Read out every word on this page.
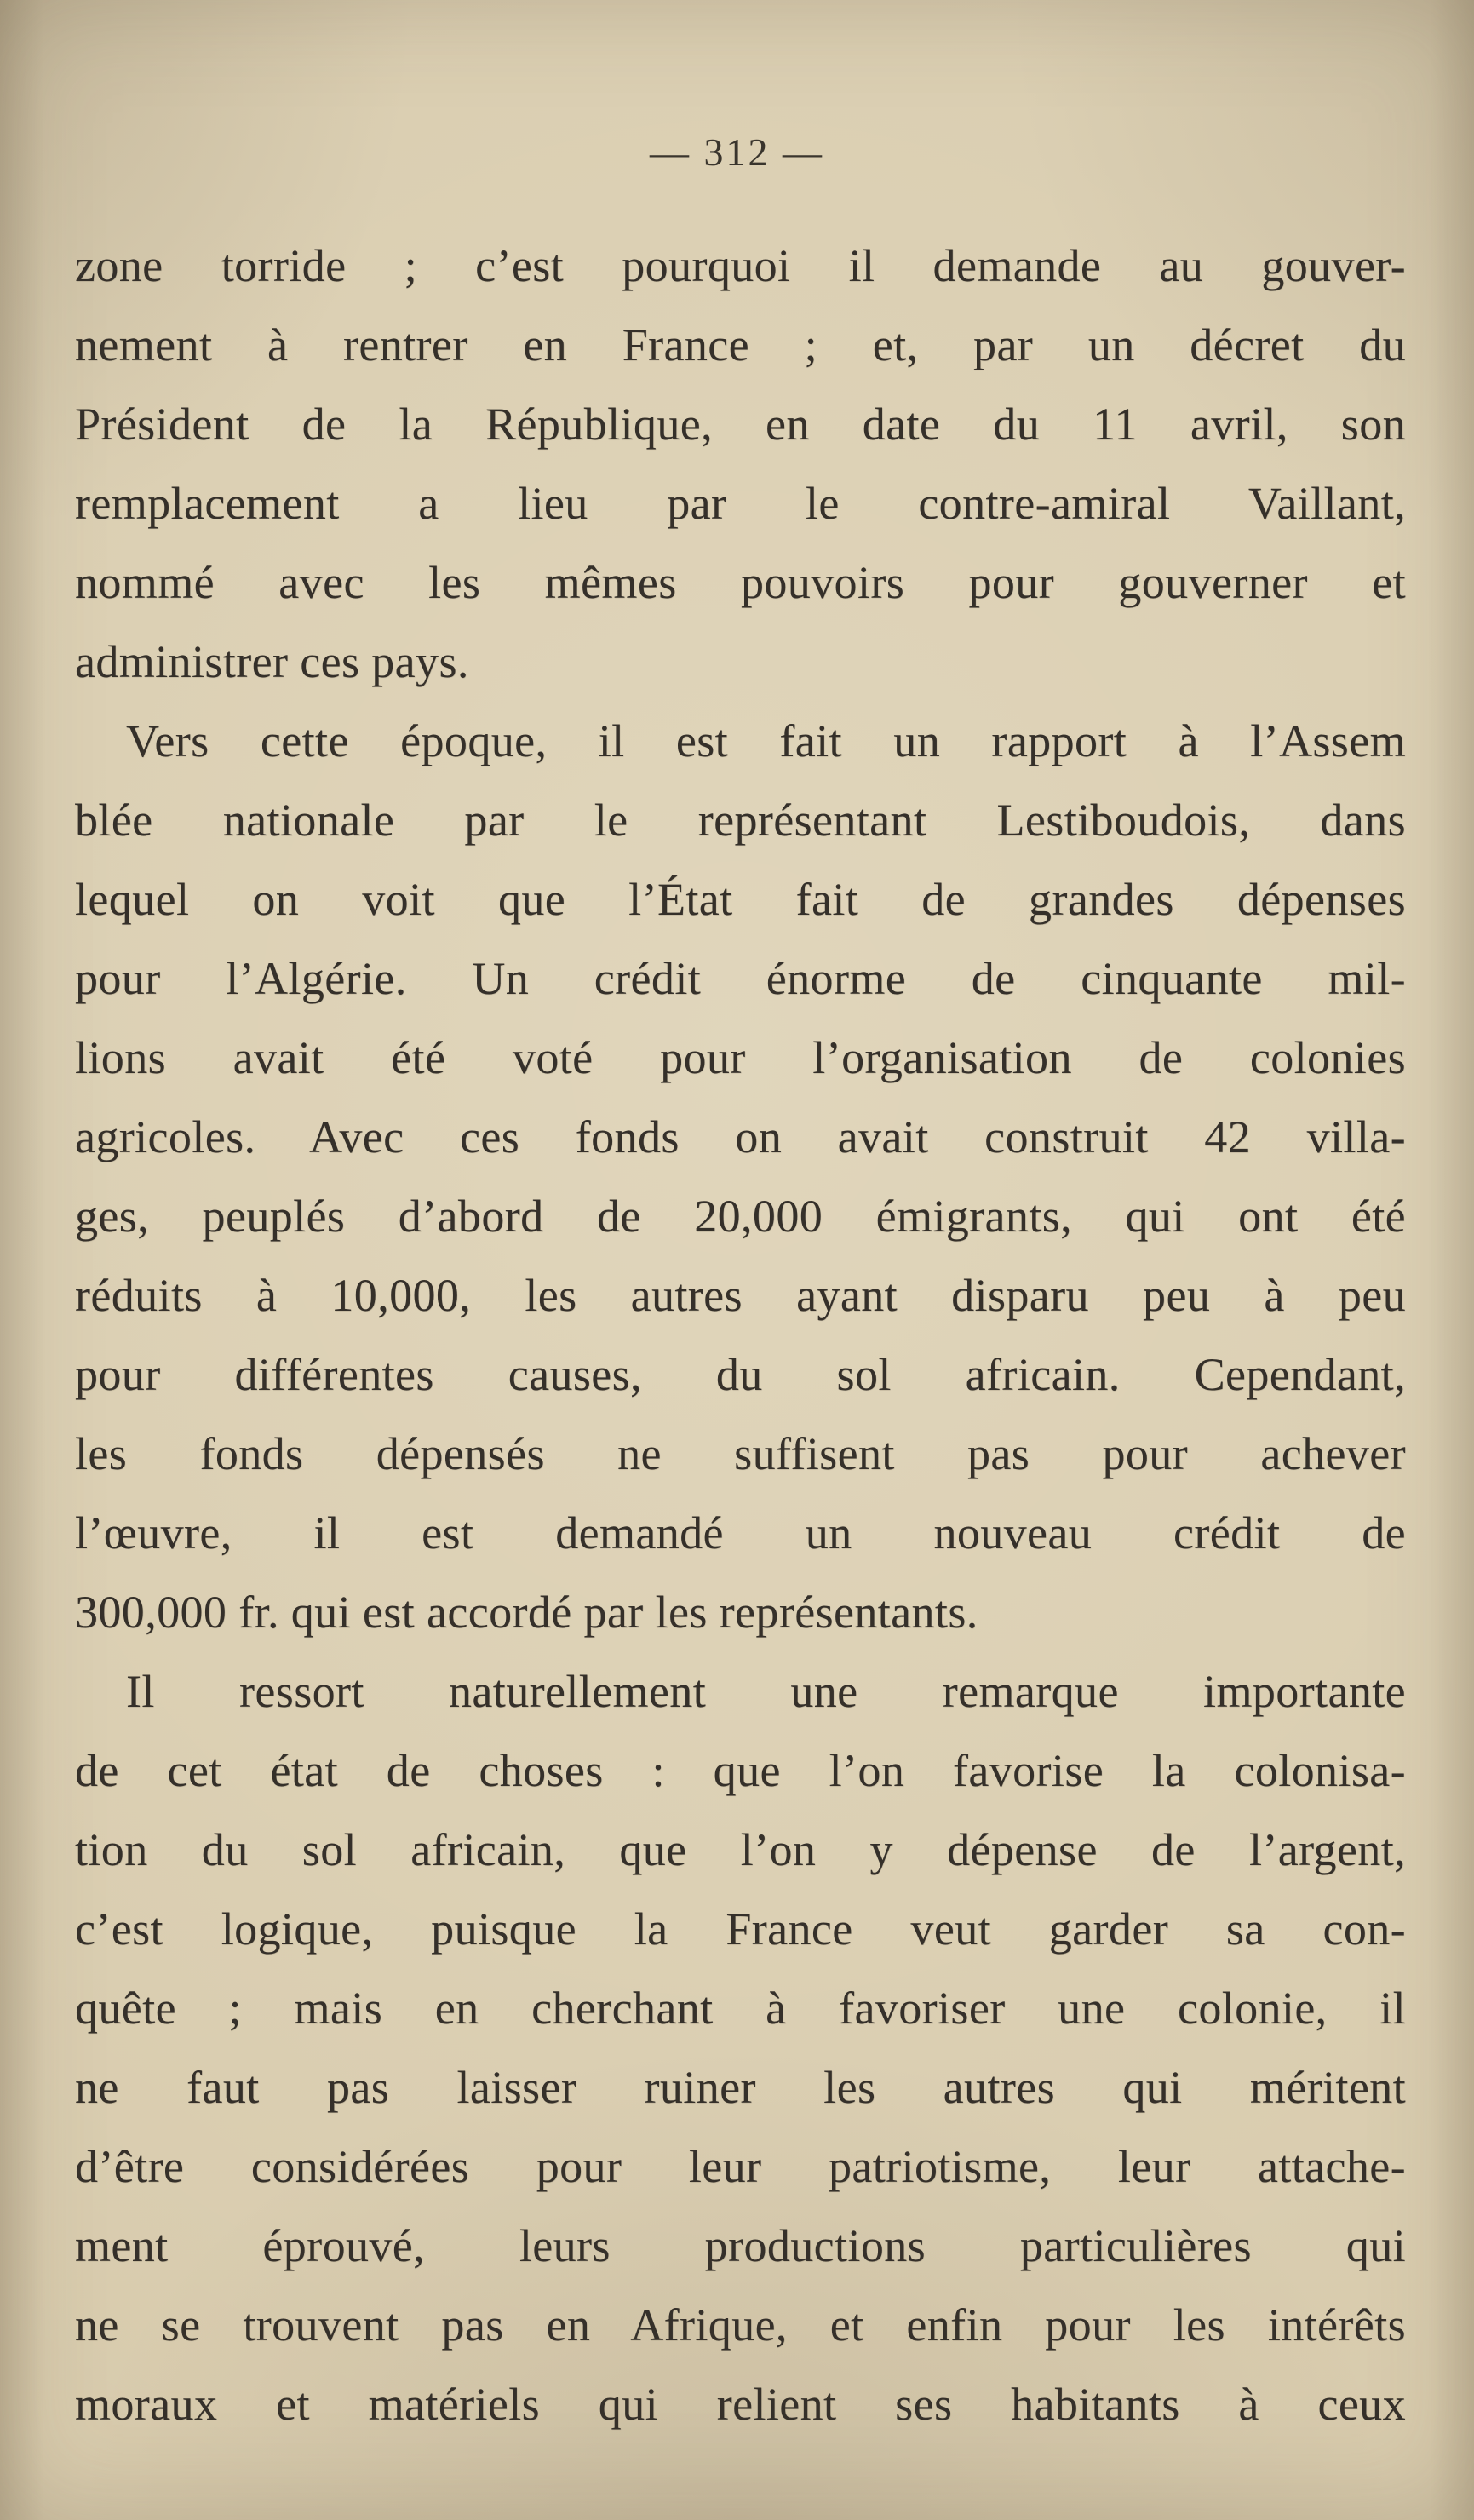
— 312 —
zone torride ; c’est pourquoi il demande au gouver-
nement à rentrer en France ; et, par un décret du
Président de la République, en date du 11 avril, son
remplacement a lieu par le contre-amiral Vaillant,
nommé avec les mêmes pouvoirs pour gouverner et
administrer ces pays.
Vers cette époque, il est fait un rapport à l’Assem
blée nationale par le représentant Lestiboudois, dans
lequel on voit que l’État fait de grandes dépenses
pour l’Algérie. Un crédit énorme de cinquante mil-
lions avait été voté pour l’organisation de colonies
agricoles. Avec ces fonds on avait construit 42 villa-
ges, peuplés d’abord de 20,000 émigrants, qui ont été
réduits à 10,000, les autres ayant disparu peu à peu
pour différentes causes, du sol africain. Cependant,
les fonds dépensés ne suffisent pas pour achever
l’œuvre, il est demandé un nouveau crédit de
300,000 fr. qui est accordé par les représentants.
Il ressort naturellement une remarque importante
de cet état de choses : que l’on favorise la colonisa-
tion du sol africain, que l’on y dépense de l’argent,
c’est logique, puisque la France veut garder sa con-
quête ; mais en cherchant à favoriser une colonie, il
ne faut pas laisser ruiner les autres qui méritent
d’être considérées pour leur patriotisme, leur attache-
ment éprouvé, leurs productions particulières qui
ne se trouvent pas en Afrique, et enfin pour les intérêts
moraux et matériels qui relient ses habitants à ceux
